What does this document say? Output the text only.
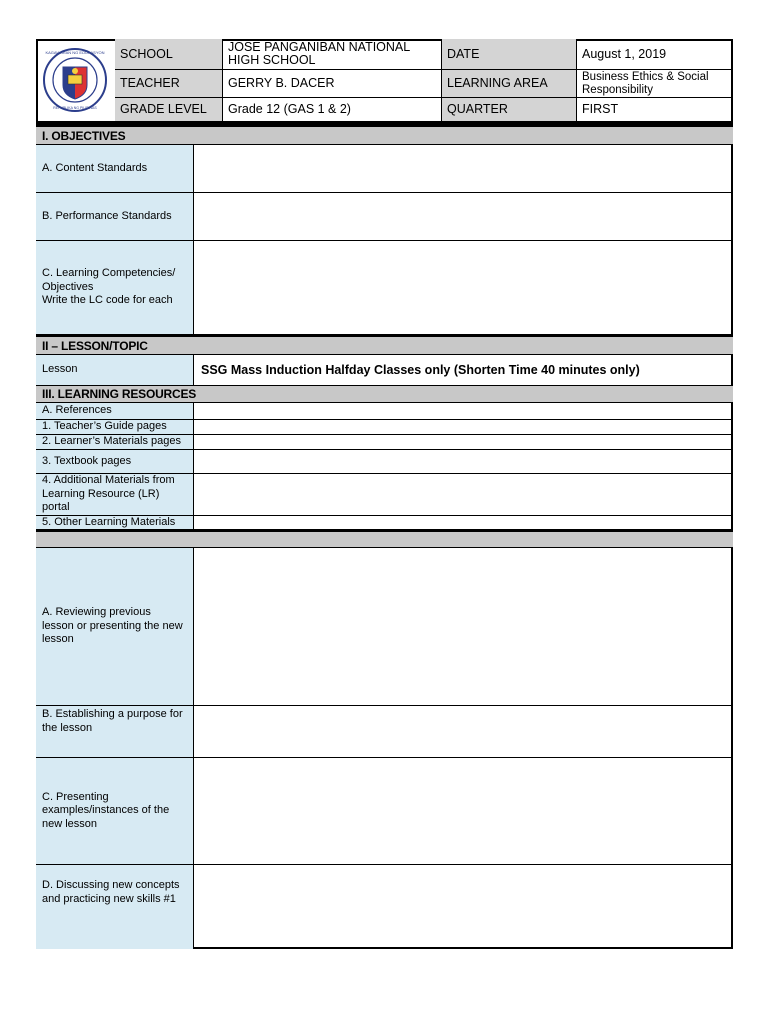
KAGAWARAN NG EDUKASYON
REPUBLIKA NG PILIPINAS
SCHOOL	JOSE PANGANIBAN NATIONAL HIGH SCHOOL	DATE	August 1, 2019
TEACHER	GERRY B. DACER	LEARNING AREA	Business Ethics & Social Responsibility
GRADE LEVEL	Grade 12 (GAS 1 & 2)	QUARTER	FIRST
I. OBJECTIVES
A. Content Standards
B. Performance Standards
C. Learning Competencies/
Objectives
Write the LC code for each
II – LESSON/TOPIC
Lesson	SSG Mass Induction Halfday Classes only (Shorten Time 40 minutes only)
III. LEARNING RESOURCES
A. References
1. Teacher’s Guide pages
2. Learner’s Materials pages
3. Textbook pages
4. Additional Materials from
Learning Resource (LR)
portal
5. Other Learning Materials
A. Reviewing previous
lesson or presenting the new
lesson
B. Establishing a purpose for
the lesson
C. Presenting
examples/instances of the
new lesson
D. Discussing new concepts
and practicing new skills #1
